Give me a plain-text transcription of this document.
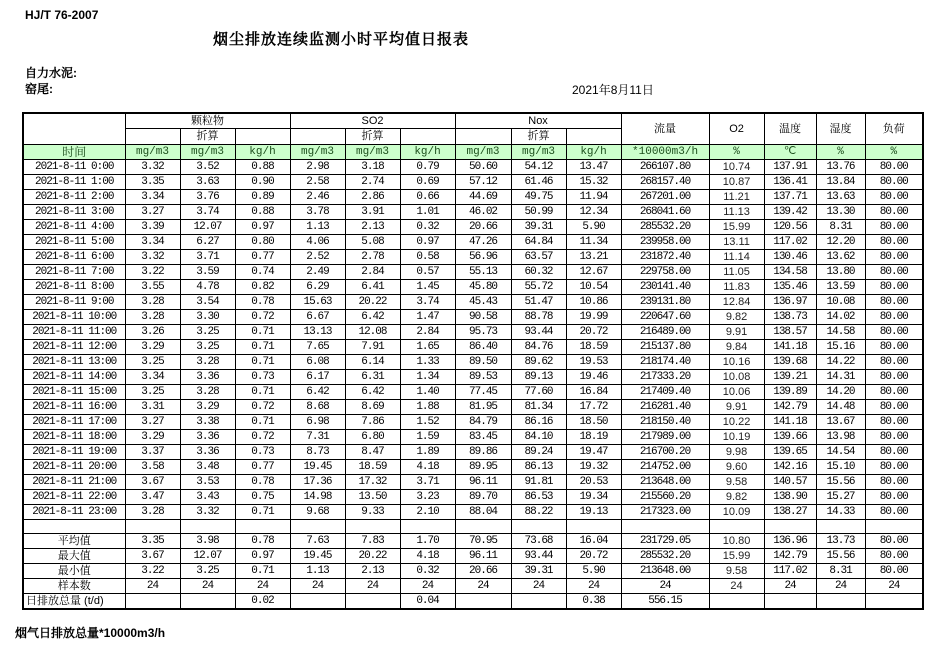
HJ/T 76-2007
烟尘排放连续监测小时平均值日报表
自力水泥:
窑尾:	2021年8月11日
	颗粒物			SO2			Nox			流量	O2	温度	湿度	负荷
		折算			折算			折算						
时间	mg/m3	mg/m3	kg/h	mg/m3	mg/m3	kg/h	mg/m3	mg/m3	kg/h	*10000m3/h	%	℃	%	%
2021-8-11 0:00	3.32	3.52	0.88	2.98	3.18	0.79	50.60	54.12	13.47	266107.80	10.74	137.91	13.76	80.00
2021-8-11 1:00	3.35	3.63	0.90	2.58	2.74	0.69	57.12	61.46	15.32	268157.40	10.87	136.41	13.84	80.00
2021-8-11 2:00	3.34	3.76	0.89	2.46	2.86	0.66	44.69	49.75	11.94	267201.00	11.21	137.71	13.63	80.00
2021-8-11 3:00	3.27	3.74	0.88	3.78	3.91	1.01	46.02	50.99	12.34	268041.60	11.13	139.42	13.30	80.00
2021-8-11 4:00	3.39	12.07	0.97	1.13	2.13	0.32	20.66	39.31	5.90	285532.20	15.99	120.56	8.31	80.00
2021-8-11 5:00	3.34	6.27	0.80	4.06	5.08	0.97	47.26	64.84	11.34	239958.00	13.11	117.02	12.20	80.00
2021-8-11 6:00	3.32	3.71	0.77	2.52	2.78	0.58	56.96	63.57	13.21	231872.40	11.14	130.46	13.62	80.00
2021-8-11 7:00	3.22	3.59	0.74	2.49	2.84	0.57	55.13	60.32	12.67	229758.00	11.05	134.58	13.80	80.00
2021-8-11 8:00	3.55	4.78	0.82	6.29	6.41	1.45	45.80	55.72	10.54	230141.40	11.83	135.46	13.59	80.00
2021-8-11 9:00	3.28	3.54	0.78	15.63	20.22	3.74	45.43	51.47	10.86	239131.80	12.84	136.97	10.08	80.00
2021-8-11 10:00	3.28	3.30	0.72	6.67	6.42	1.47	90.58	88.78	19.99	220647.60	9.82	138.73	14.02	80.00
2021-8-11 11:00	3.26	3.25	0.71	13.13	12.08	2.84	95.73	93.44	20.72	216489.00	9.91	138.57	14.58	80.00
2021-8-11 12:00	3.29	3.25	0.71	7.65	7.91	1.65	86.40	84.76	18.59	215137.80	9.84	141.18	15.16	80.00
2021-8-11 13:00	3.25	3.28	0.71	6.08	6.14	1.33	89.50	89.62	19.53	218174.40	10.16	139.68	14.22	80.00
2021-8-11 14:00	3.34	3.36	0.73	6.17	6.31	1.34	89.53	89.13	19.46	217333.20	10.08	139.21	14.31	80.00
2021-8-11 15:00	3.25	3.28	0.71	6.42	6.42	1.40	77.45	77.60	16.84	217409.40	10.06	139.89	14.20	80.00
2021-8-11 16:00	3.31	3.29	0.72	8.68	8.69	1.88	81.95	81.34	17.72	216281.40	9.91	142.79	14.48	80.00
2021-8-11 17:00	3.27	3.38	0.71	6.98	7.86	1.52	84.79	86.16	18.50	218150.40	10.22	141.18	13.67	80.00
2021-8-11 18:00	3.29	3.36	0.72	7.31	6.80	1.59	83.45	84.10	18.19	217989.00	10.19	139.66	13.98	80.00
2021-8-11 19:00	3.37	3.36	0.73	8.73	8.47	1.89	89.86	89.24	19.47	216700.20	9.98	139.65	14.54	80.00
2021-8-11 20:00	3.58	3.48	0.77	19.45	18.59	4.18	89.95	86.13	19.32	214752.00	9.60	142.16	15.10	80.00
2021-8-11 21:00	3.67	3.53	0.78	17.36	17.32	3.71	96.11	91.81	20.53	213648.00	9.58	140.57	15.56	80.00
2021-8-11 22:00	3.47	3.43	0.75	14.98	13.50	3.23	89.70	86.53	19.34	215560.20	9.82	138.90	15.27	80.00
2021-8-11 23:00	3.28	3.32	0.71	9.68	9.33	2.10	88.04	88.22	19.13	217323.00	10.09	138.27	14.33	80.00

平均值	3.35	3.98	0.78	7.63	7.83	1.70	70.95	73.68	16.04	231729.05	10.80	136.96	13.73	80.00
最大值	3.67	12.07	0.97	19.45	20.22	4.18	96.11	93.44	20.72	285532.20	15.99	142.79	15.56	80.00
最小值	3.22	3.25	0.71	1.13	2.13	0.32	20.66	39.31	5.90	213648.00	9.58	117.02	8.31	80.00
样本数	24	24	24	24	24	24	24	24	24	24	24	24	24	24
日排放总量 (t/d)			0.02			0.04			0.38	556.15				
烟气日排放总量*10000m3/h
